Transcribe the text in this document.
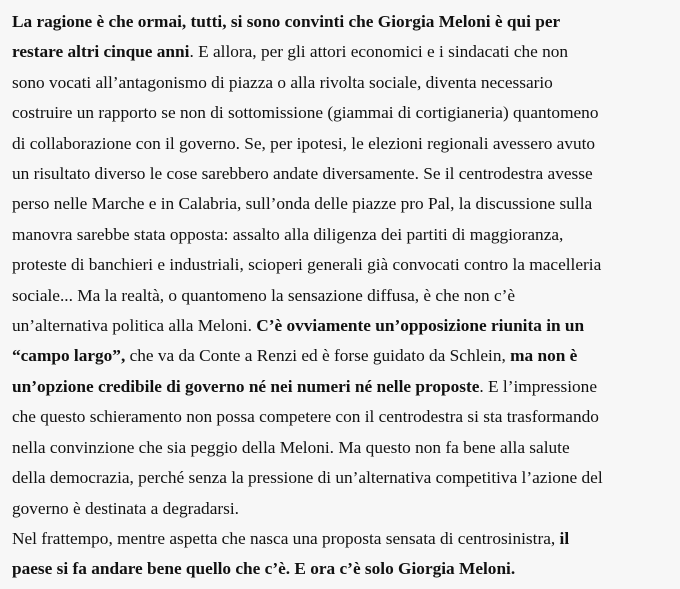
La ragione è che ormai, tutti, si sono convinti che Giorgia Meloni è qui per
restare altri cinque anni. E allora, per gli attori economici e i sindacati che non
sono vocati all’antagonismo di piazza o alla rivolta sociale, diventa necessario
costruire un rapporto se non di sottomissione (giammai di cortigianeria) quantomeno
di collaborazione con il governo. Se, per ipotesi, le elezioni regionali avessero avuto
un risultato diverso le cose sarebbero andate diversamente. Se il centrodestra avesse
perso nelle Marche e in Calabria, sull’onda delle piazze pro Pal, la discussione sulla
manovra sarebbe stata opposta: assalto alla diligenza dei partiti di maggioranza,
proteste di banchieri e industriali, scioperi generali già convocati contro la macelleria
sociale... Ma la realtà, o quantomeno la sensazione diffusa, è che non c’è
un’alternativa politica alla Meloni. C’è ovviamente un’opposizione riunita in un
“campo largo”, che va da Conte a Renzi ed è forse guidato da Schlein, ma non è
un’opzione credibile di governo né nei numeri né nelle proposte. E l’impressione
che questo schieramento non possa competere con il centrodestra si sta trasformando
nella convinzione che sia peggio della Meloni. Ma questo non fa bene alla salute
della democrazia, perché senza la pressione di un’alternativa competitiva l’azione del
governo è destinata a degradarsi.

Nel frattempo, mentre aspetta che nasca una proposta sensata di centrosinistra, il
paese si fa andare bene quello che c’è. E ora c’è solo Giorgia Meloni.
